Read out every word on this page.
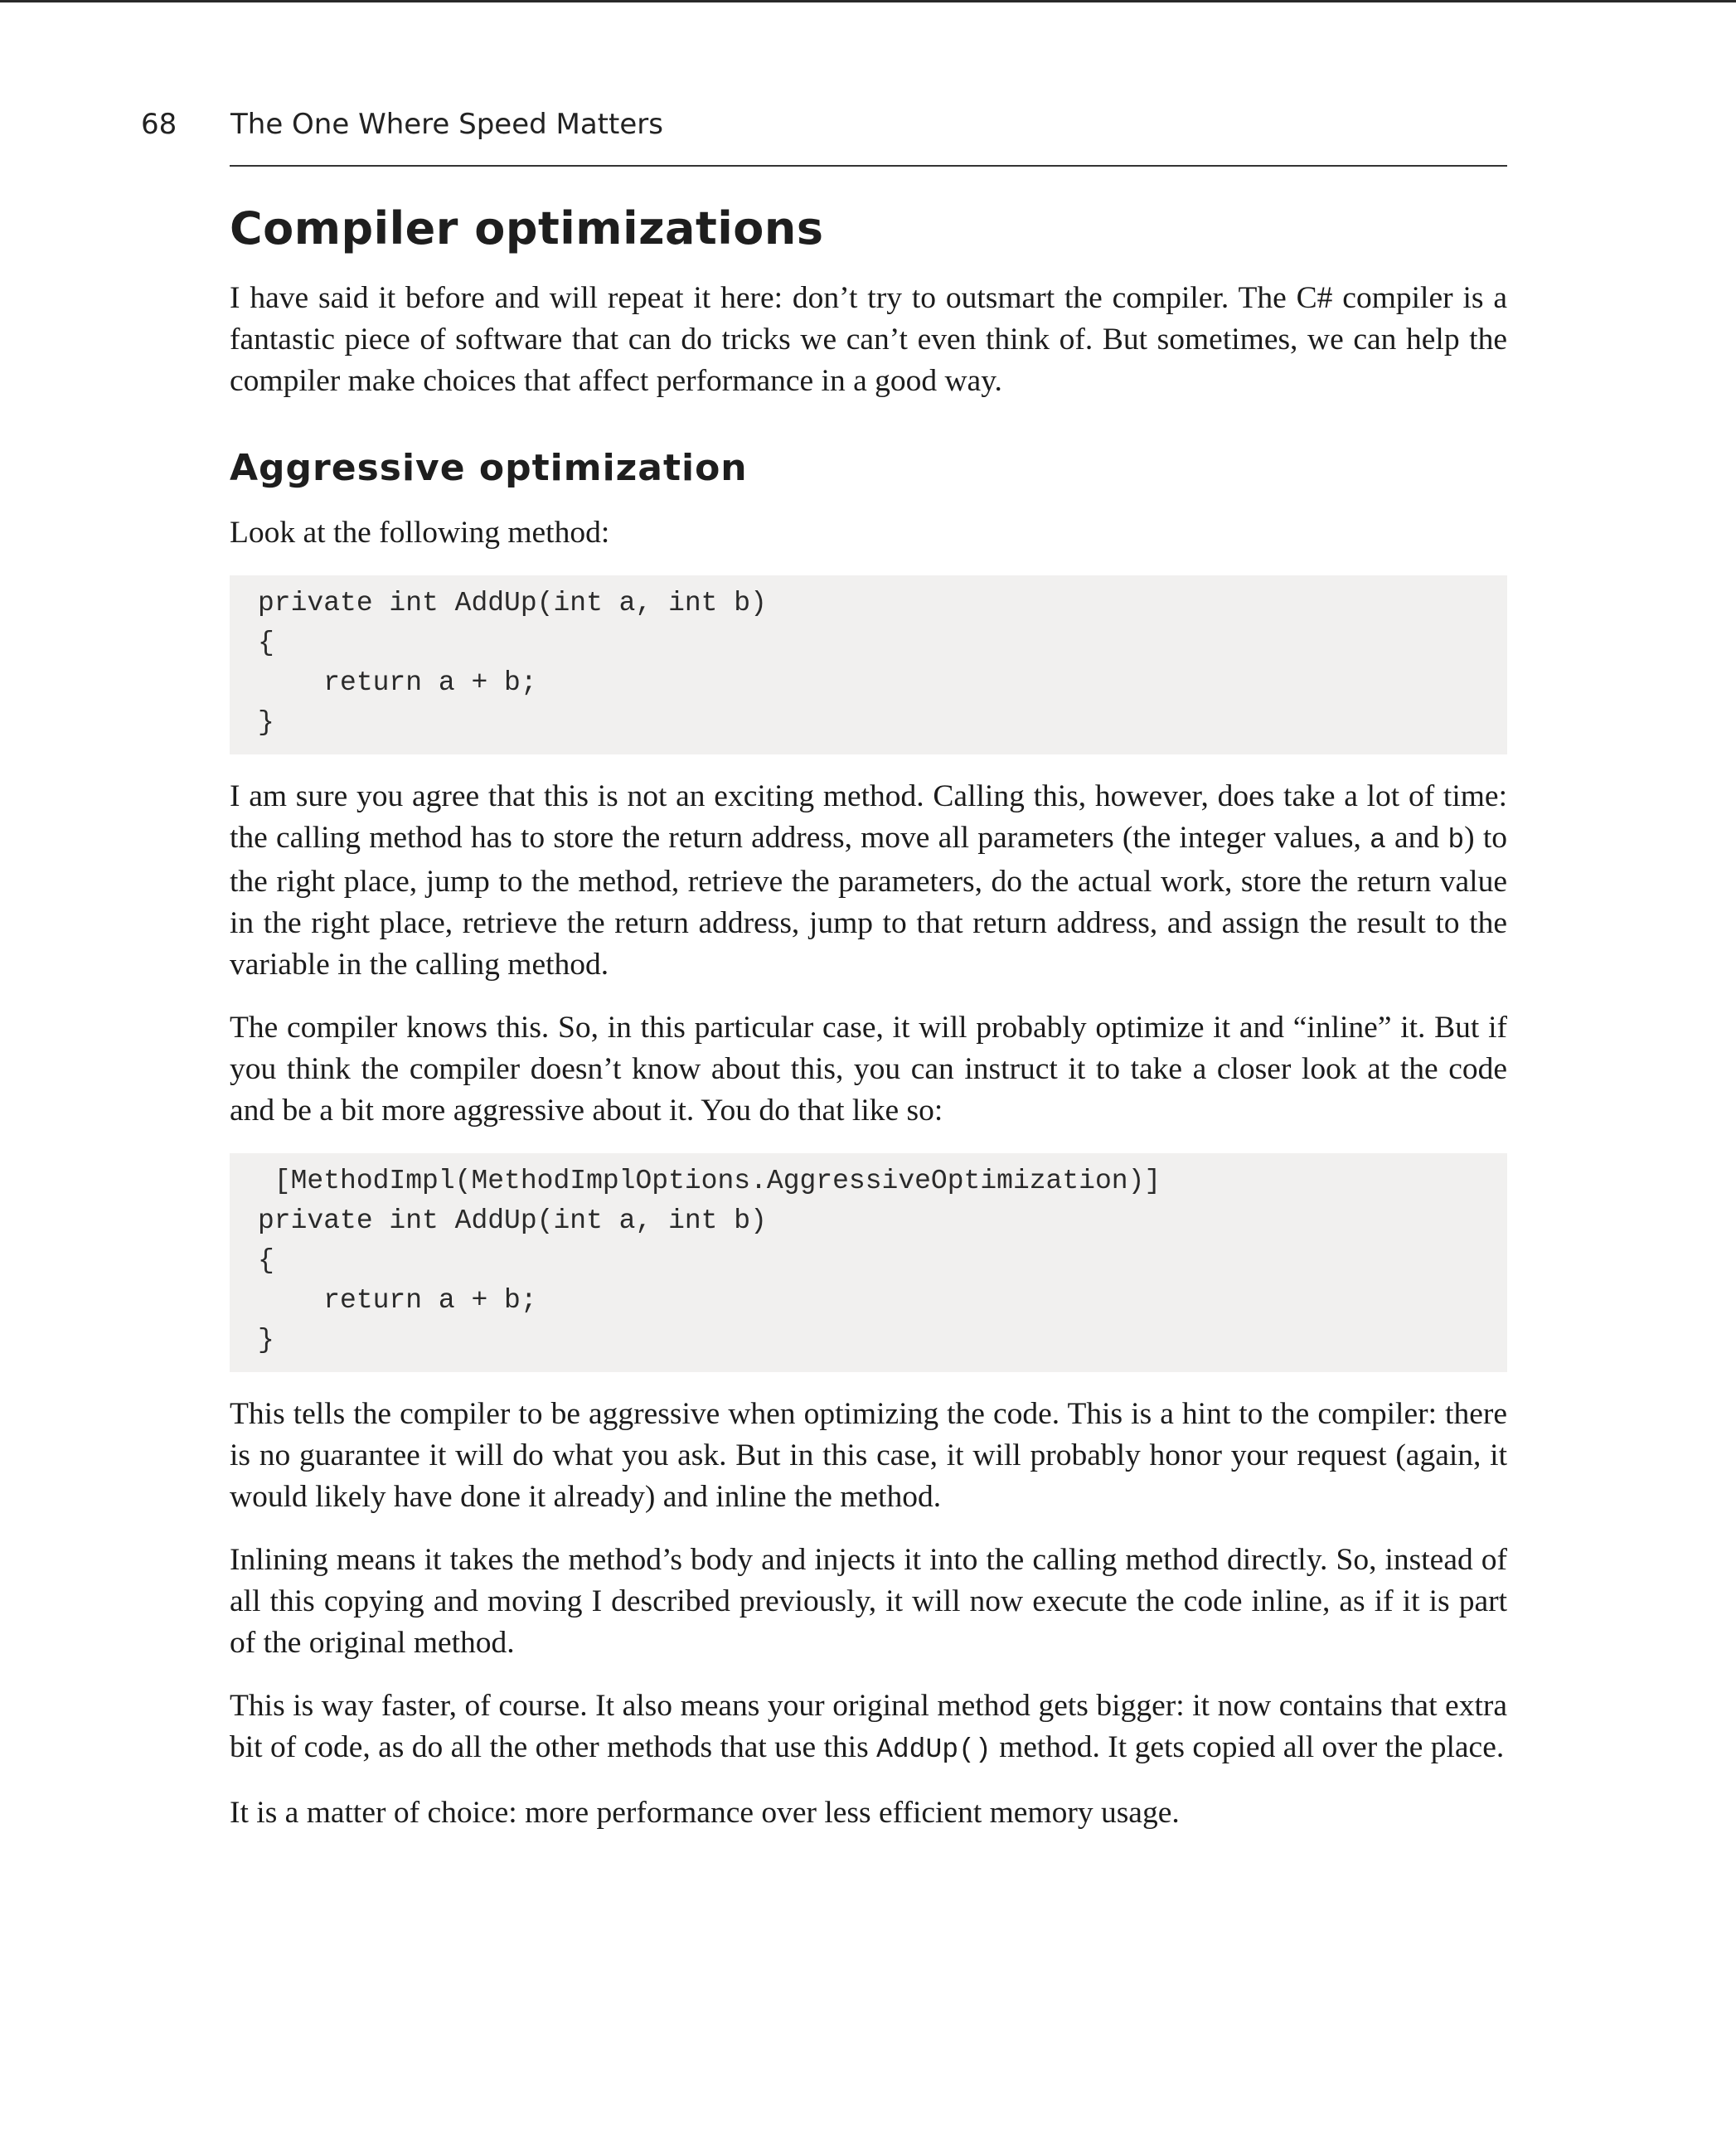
68 The One Where Speed Matters
Compiler optimizations

I have said it before and will repeat it here: don’t try to outsmart the compiler. The C# compiler is a fantastic piece of software that can do tricks we can’t even think of. But sometimes, we can help the compiler make choices that affect performance in a good way.

Aggressive optimization

Look at the following method:

private int AddUp(int a, int b)
{
return a + b;
}

I am sure you agree that this is not an exciting method. Calling this, however, does take a lot of time: the calling method has to store the return address, move all parameters (the integer values, a and b) to the right place, jump to the method, retrieve the parameters, do the actual work, store the return value in the right place, retrieve the return address, jump to that return address, and assign the result to the variable in the calling method.

The compiler knows this. So, in this particular case, it will probably optimize it and “inline” it. But if you think the compiler doesn’t know about this, you can instruct it to take a closer look at the code and be a bit more aggressive about it. You do that like so:

[MethodImpl(MethodImplOptions.AggressiveOptimization)]
private int AddUp(int a, int b)
{
return a + b;
}

This tells the compiler to be aggressive when optimizing the code. This is a hint to the compiler: there is no guarantee it will do what you ask. But in this case, it will probably honor your request (again, it would likely have done it already) and inline the method.

Inlining means it takes the method’s body and injects it into the calling method directly. So, instead of all this copying and moving I described previously, it will now execute the code inline, as if it is part of the original method.

This is way faster, of course. It also means your original method gets bigger: it now contains that extra bit of code, as do all the other methods that use this AddUp() method. It gets copied all over the place.

It is a matter of choice: more performance over less efficient memory usage.
